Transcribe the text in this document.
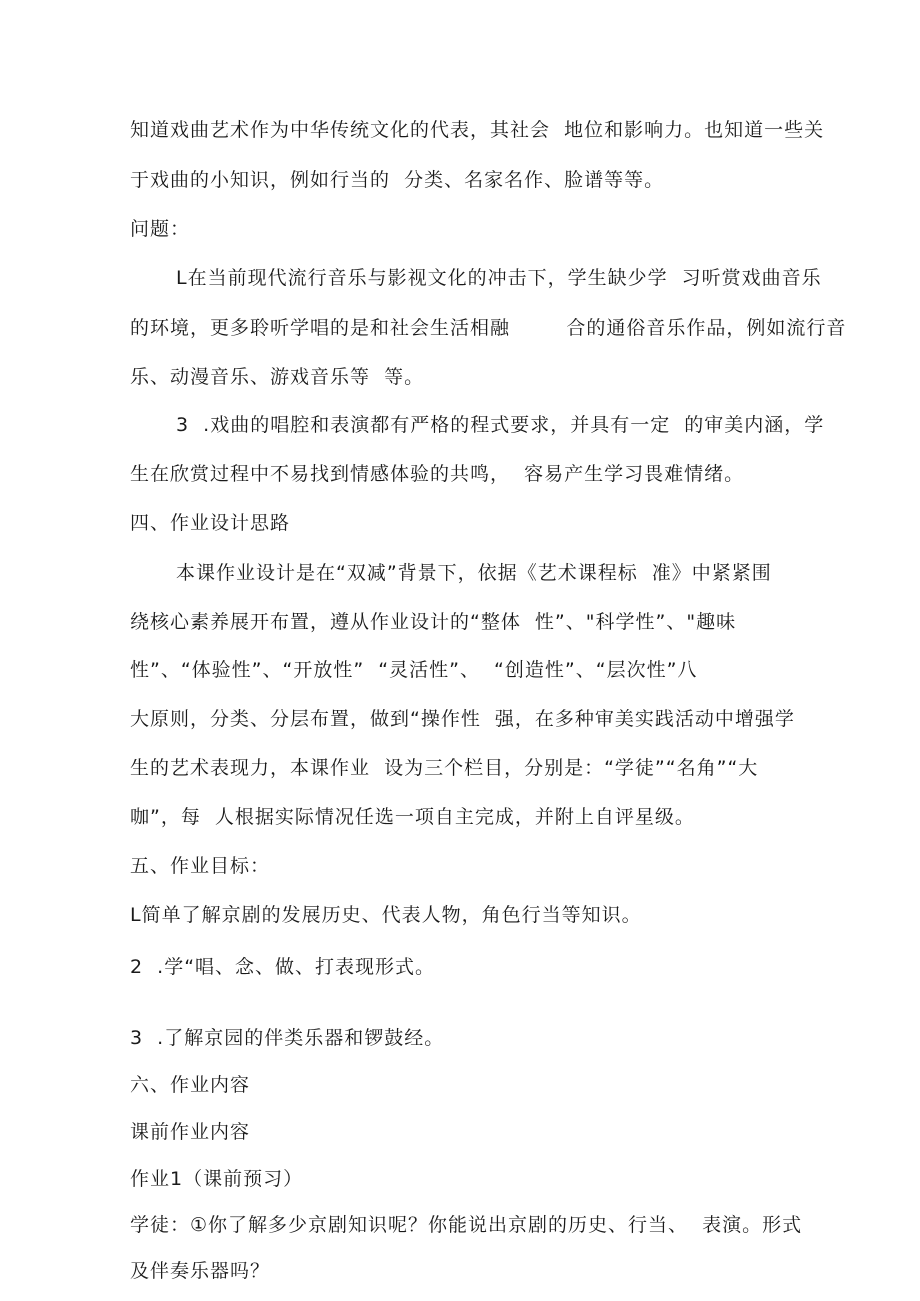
知道戏曲艺术作为中华传统文化的代表，其社会  地位和影响力。也知道一些关
于戏曲的小知识，例如行当的  分类、名家名作、脸谱等等。
问题：
L在当前现代流行音乐与影视文化的冲击下，学生缺少学  习听赏戏曲音乐
的环境，更多聆听学唱的是和社会生活相融        合的通俗音乐作品，例如流行音
乐、动漫音乐、游戏音乐等  等。
3  .戏曲的唱腔和表演都有严格的程式要求，并具有一定  的审美内涵，学
生在欣赏过程中不易找到情感体验的共鸣，  容易产生学习畏难情绪。
四、作业设计思路
本课作业设计是在“双减”背景下，依据《艺术课程标  准》中紧紧围
绕核心素养展开布置，遵从作业设计的“整体  性”、"科学性”、"趣味
性”、“体验性”、“开放性”  “灵活性”、  “创造性”、“层次性”八
大原则，分类、分层布置，做到“操作性  强，在多种审美实践活动中增强学
生的艺术表现力，本课作业  设为三个栏目，分别是：“学徒”“名角”“大
咖”，每  人根据实际情况任选一项自主完成，并附上自评星级。
五、作业目标：
L简单了解京剧的发展历史、代表人物，角色行当等知识。
2  .学“唱、念、做、打表现形式。
3  .了解京园的伴类乐器和锣鼓经。
六、作业内容
课前作业内容
作业1（课前预习）
学徒：①你了解多少京剧知识呢？你能说出京剧的历史、行当、  表演。形式
及伴奏乐器吗？
